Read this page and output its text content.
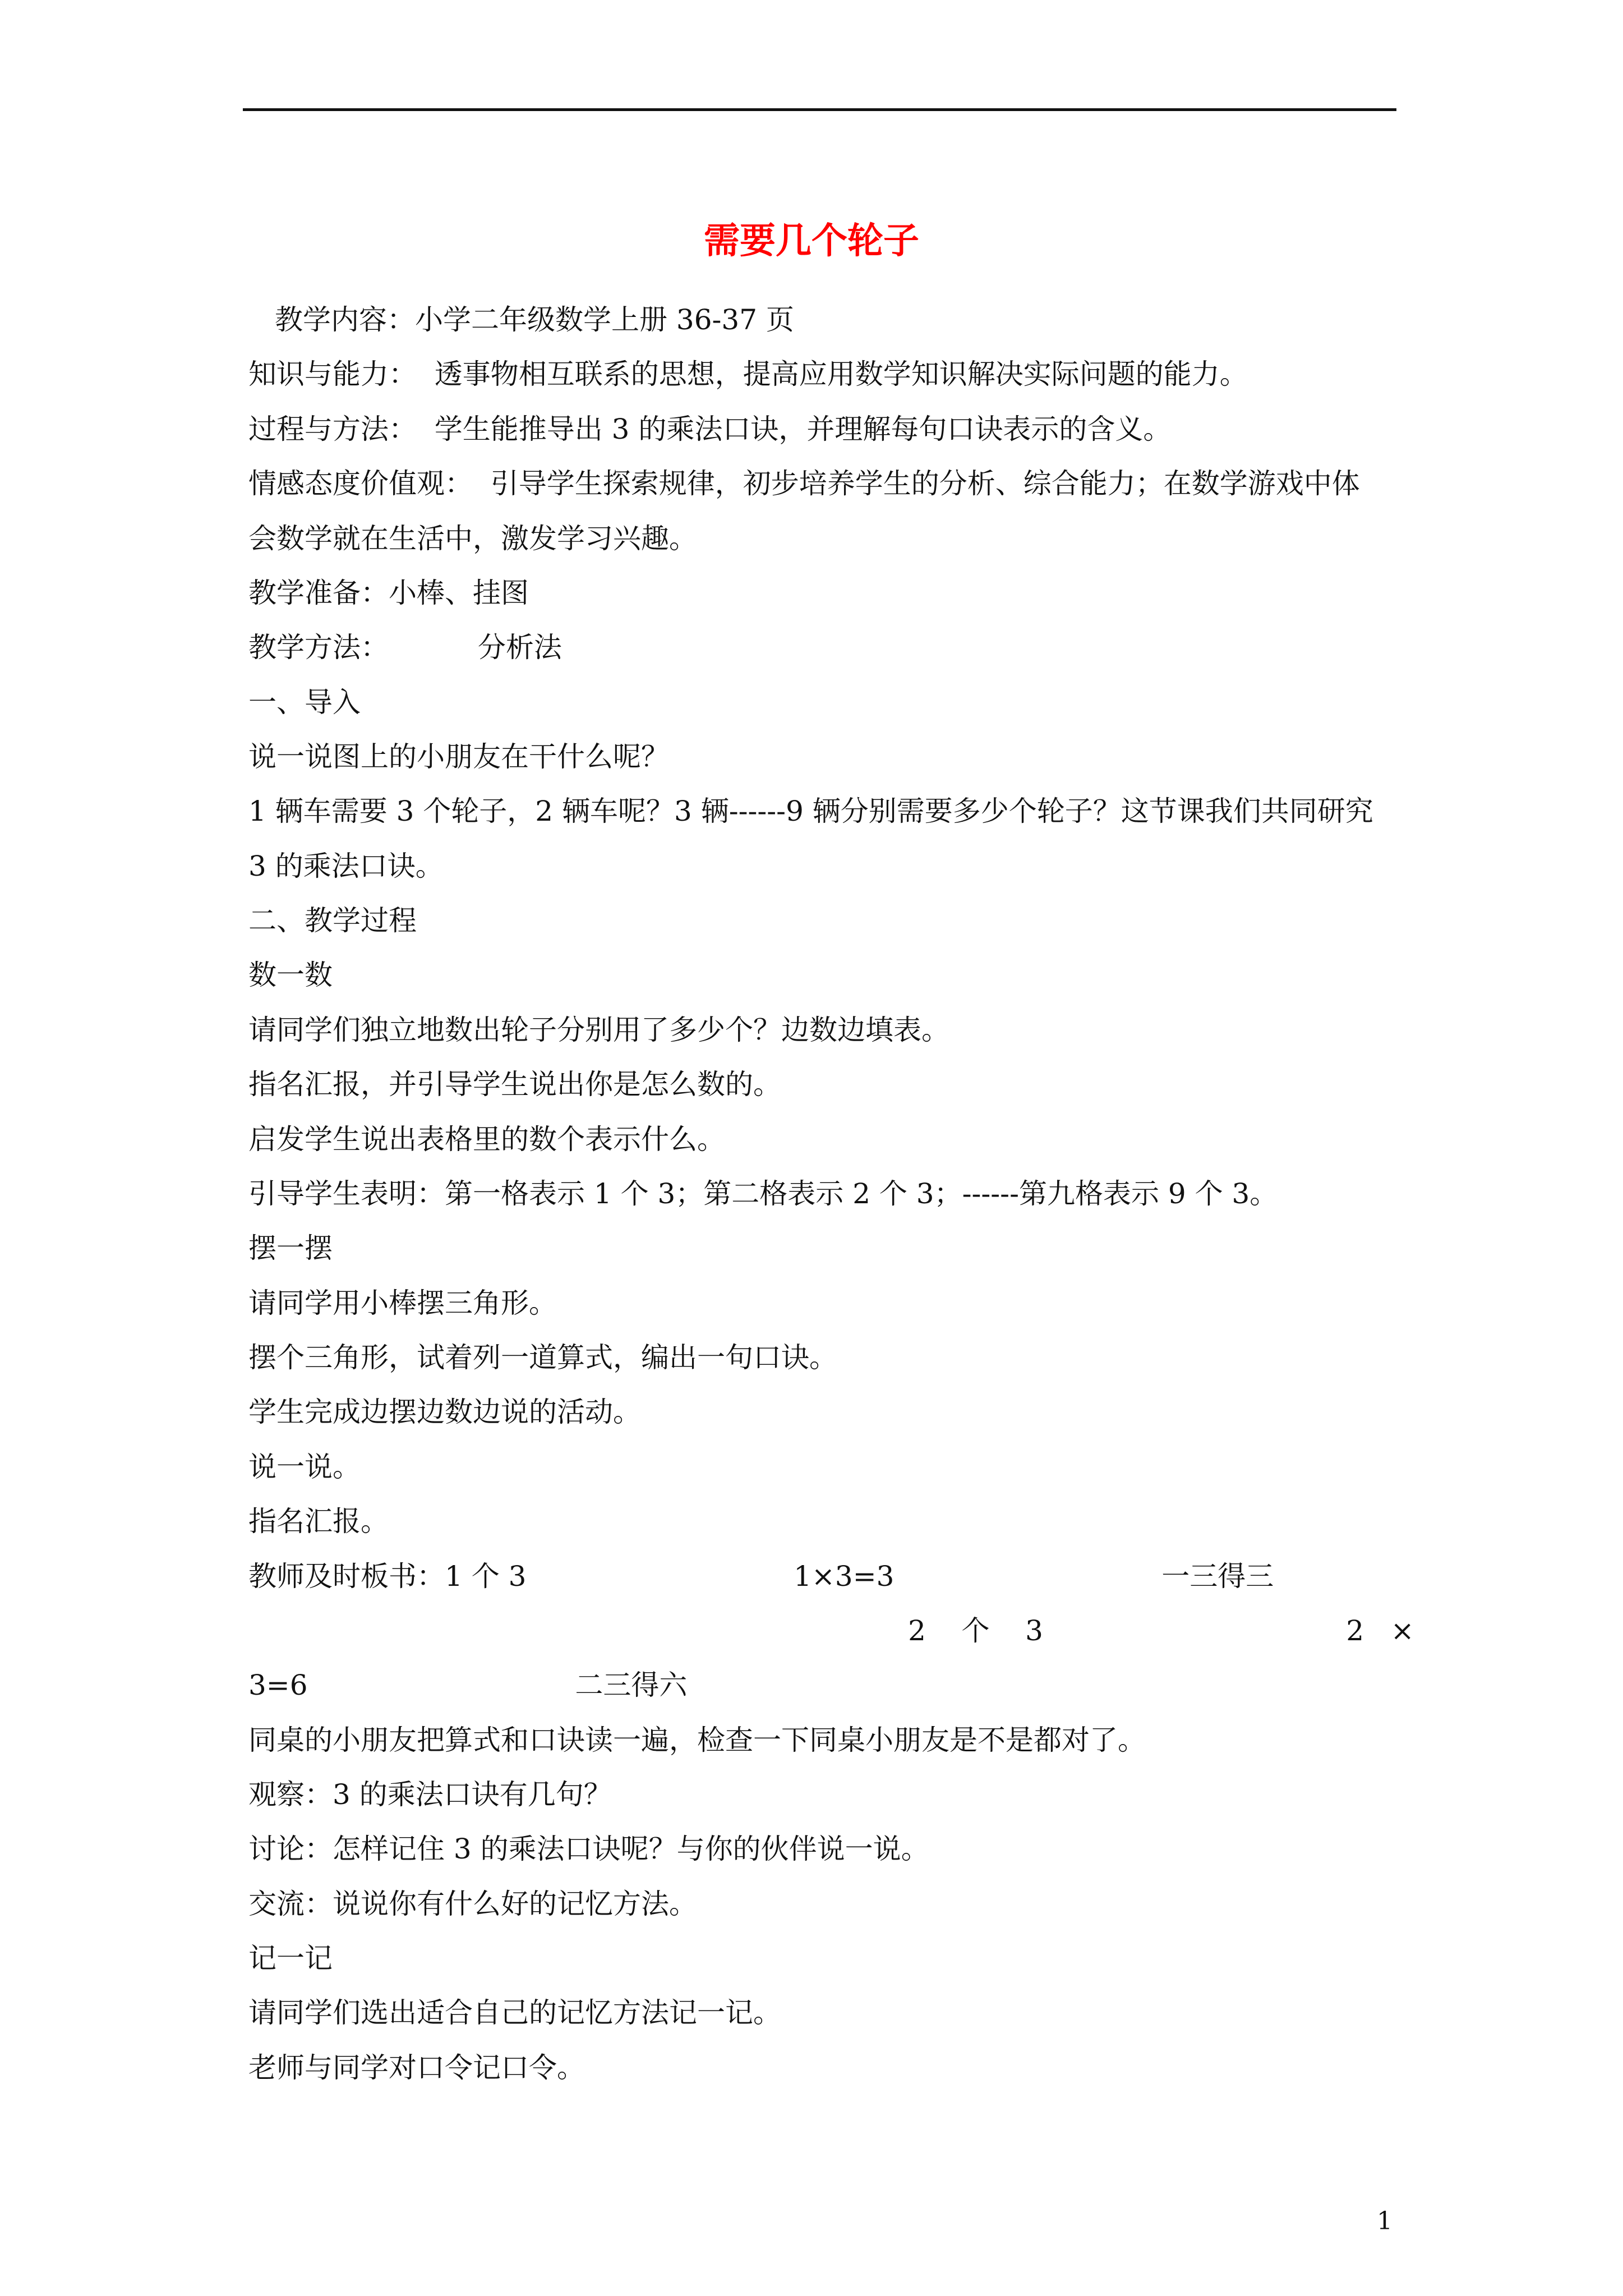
需要几个轮子
教学内容：小学二年级数学上册 36-37 页
知识与能力：  透事物相互联系的思想，提高应用数学知识解决实际问题的能力。
过程与方法：  学生能推导出 3 的乘法口诀，并理解每句口诀表示的含义。
情感态度价值观：  引导学生探索规律，初步培养学生的分析、综合能力；在数学游戏中体
会数学就在生活中，激发学习兴趣。
教学准备：小棒、挂图
教学方法：          分析法
一、导入
说一说图上的小朋友在干什么呢？
1 辆车需要 3 个轮子，2 辆车呢？3 辆------9 辆分别需要多少个轮子？这节课我们共同研究
3 的乘法口诀。
二、教学过程
数一数
请同学们独立地数出轮子分别用了多少个？边数边填表。
指名汇报，并引导学生说出你是怎么数的。
启发学生说出表格里的数个表示什么。
引导学生表明：第一格表示 1 个 3；第二格表示 2 个 3；------第九格表示 9 个 3。
摆一摆
请同学用小棒摆三角形。
摆个三角形，试着列一道算式，编出一句口诀。
学生完成边摆边数边说的活动。
说一说。
指名汇报。
教师及时板书：1 个 3                              1×3=3                              一三得三
2    个    3                                  2   ×
3=6                              二三得六
同桌的小朋友把算式和口诀读一遍，检查一下同桌小朋友是不是都对了。
观察：3 的乘法口诀有几句？
讨论：怎样记住 3 的乘法口诀呢？与你的伙伴说一说。
交流：说说你有什么好的记忆方法。
记一记
请同学们选出适合自己的记忆方法记一记。
老师与同学对口令记口令。
1
